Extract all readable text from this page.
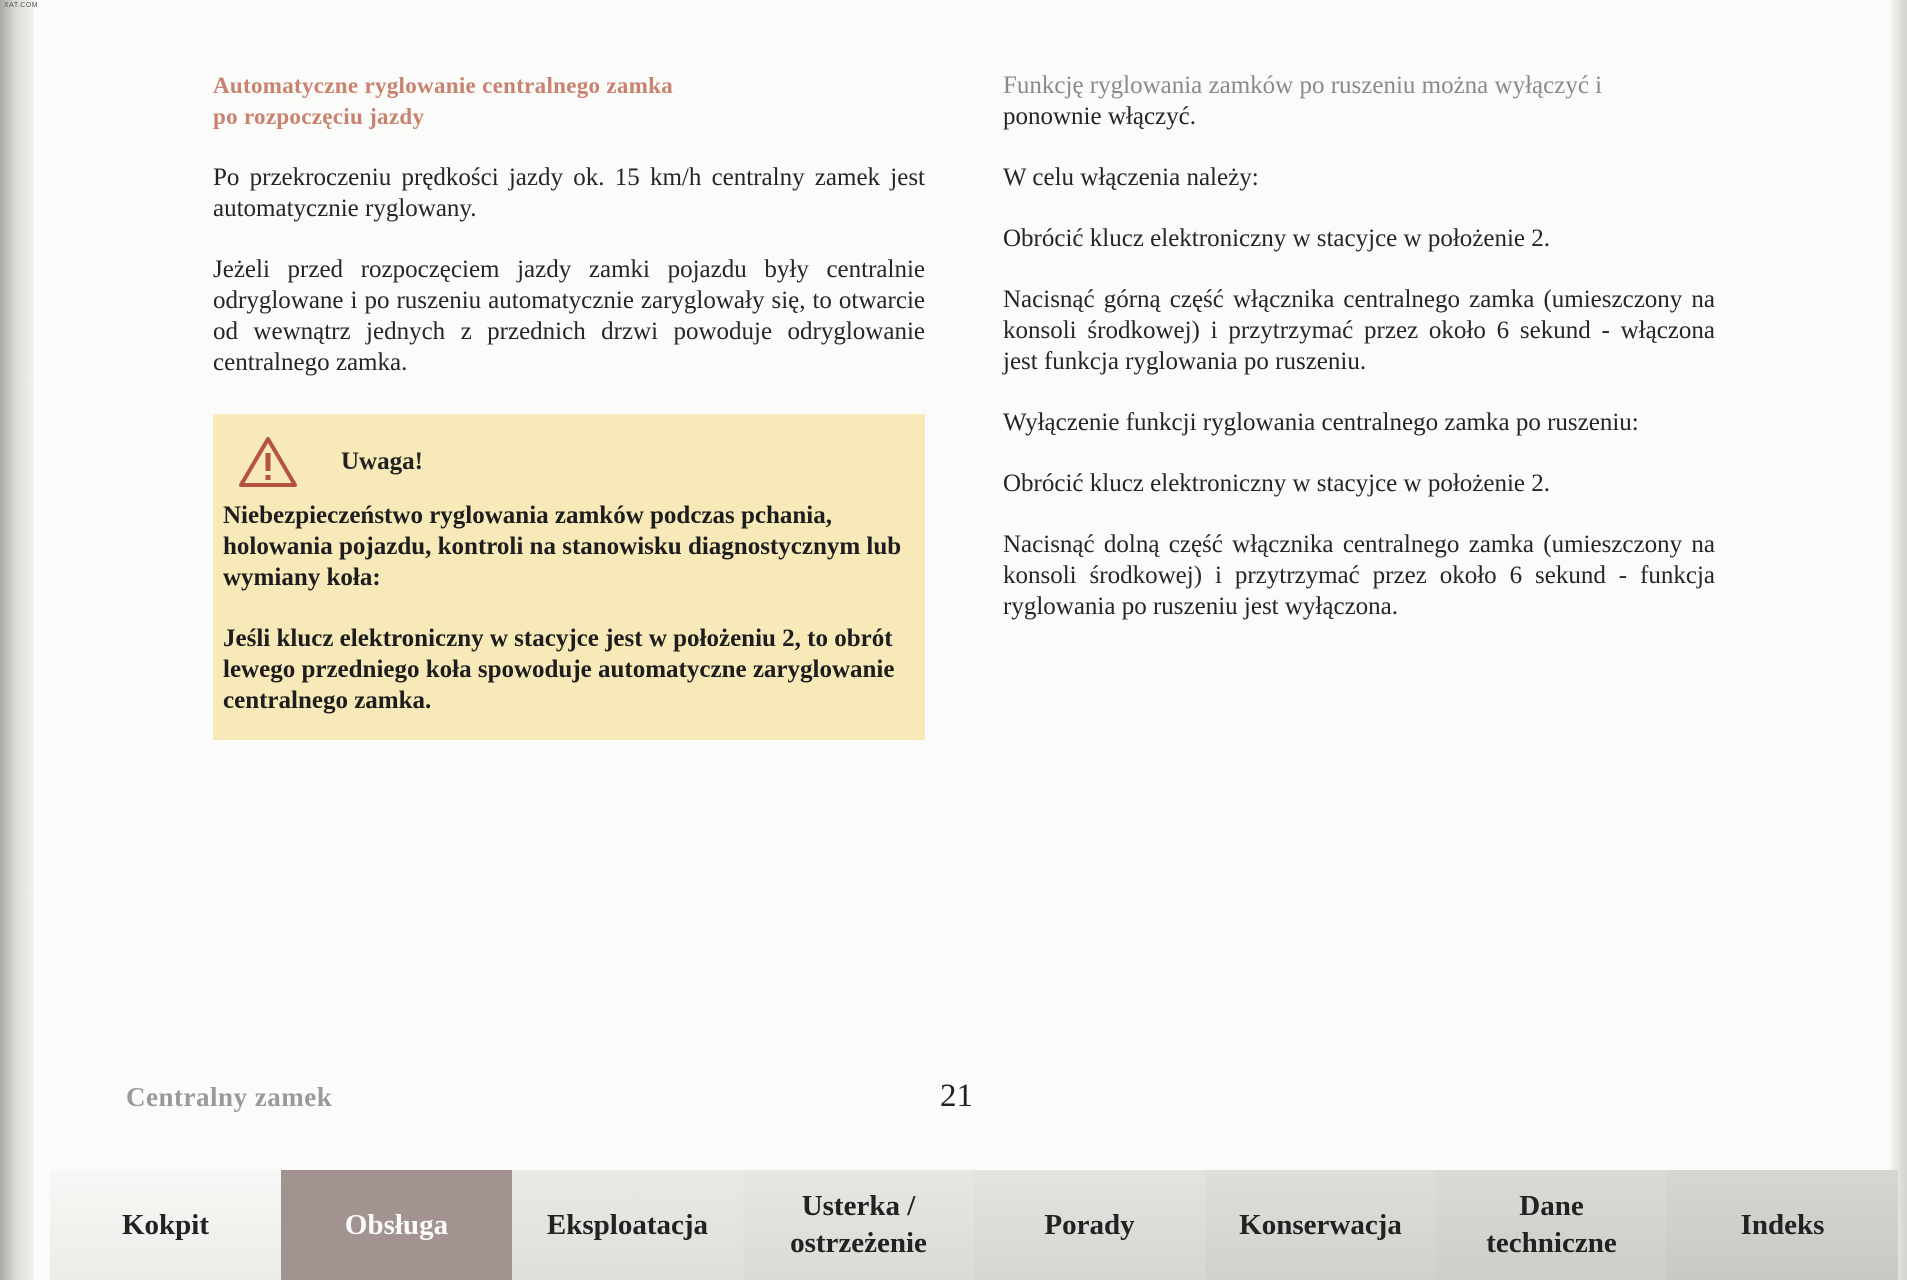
XAT.COM
Automatyczne ryglowanie centralnego zamka
po rozpoczęciu jazdy

Po przekroczeniu prędkości jazdy ok. 15 km/h centralny zamek jest automatycznie ryglowany.

Jeżeli przed rozpoczęciem jazdy zamki pojazdu były centralnie odryglowane i po ruszeniu automatycznie zaryglowały się, to otwarcie od wewnątrz jednych z przednich drzwi powoduje odryglowanie centralnego zamka.

Uwaga!

Niebezpieczeństwo ryglowania zamków podczas pchania, holowania pojazdu, kontroli na stanowisku diagnostycznym lub wymiany koła:

Jeśli klucz elektroniczny w stacyjce jest w położeniu 2, to obrót lewego przedniego koła spowoduje automatyczne zaryglowanie centralnego zamka.

Funkcję ryglowania zamków po ruszeniu można wyłączyć i
ponownie włączyć.

W celu włączenia należy:

Obrócić klucz elektroniczny w stacyjce w położenie 2.

Nacisnąć górną część włącznika centralnego zamka (umieszczony na konsoli środkowej) i przytrzymać przez około 6 sekund - włączona jest funkcja ryglowania po ruszeniu.

Wyłączenie funkcji ryglowania centralnego zamka po ruszeniu:

Obrócić klucz elektroniczny w stacyjce w położenie 2.

Nacisnąć dolną część włącznika centralnego zamka (umieszczony na konsoli środkowej) i przytrzymać przez około 6 sekund - funkcja ryglowania po ruszeniu jest wyłączona.

Centralny zamek	21
Kokpit	Obsługa	Eksploatacja
Usterka /
ostrzeżenie
Porady	Konserwacja
Dane
techniczne
Indeks
